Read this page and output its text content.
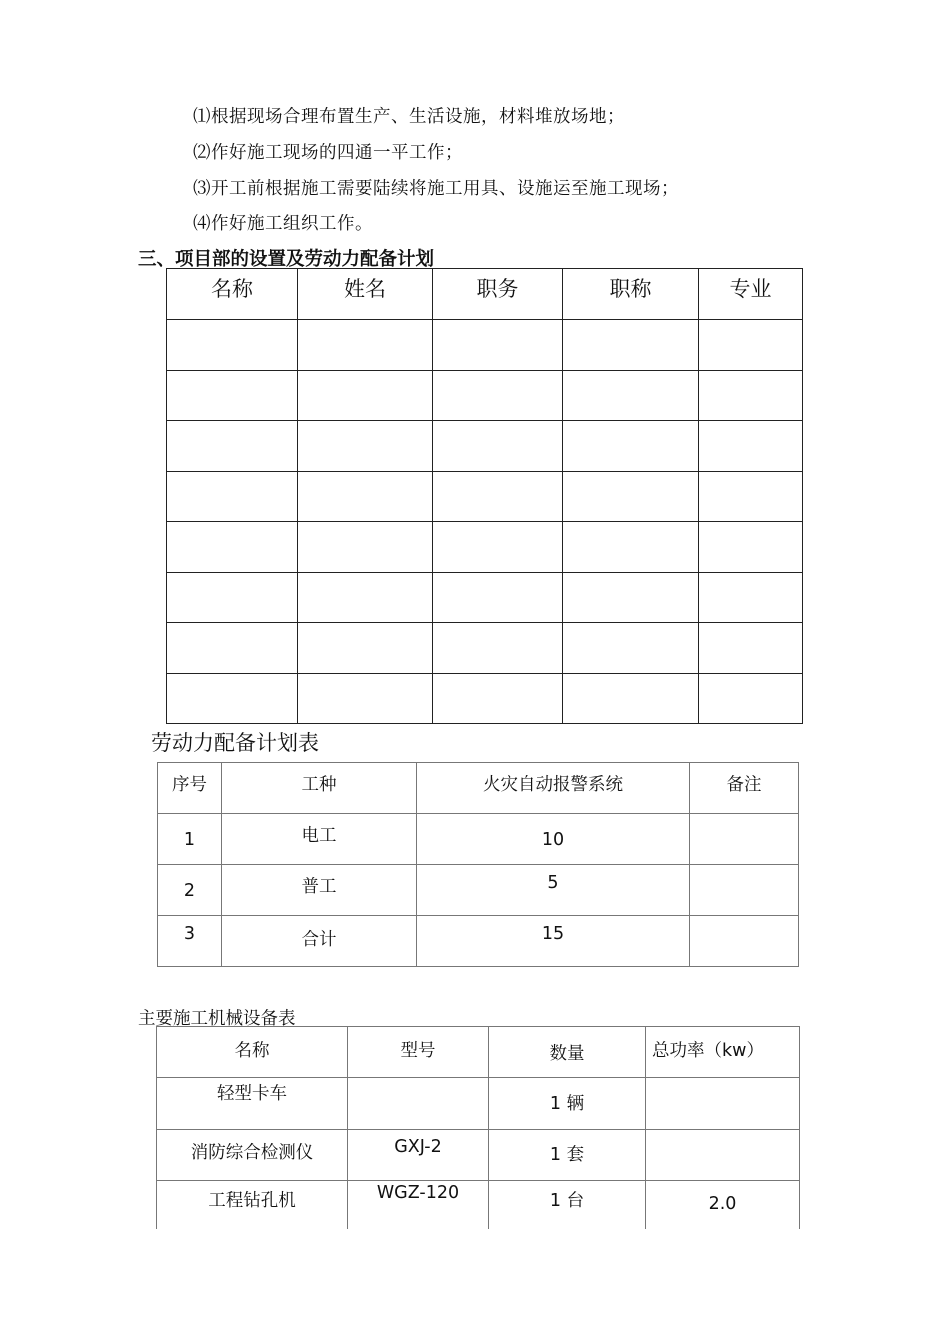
⑴根据现场合理布置生产、生活设施，材料堆放场地；
⑵作好施工现场的四通一平工作；
⑶开工前根据施工需要陆续将施工用具、设施运至施工现场；
⑷作好施工组织工作。
三、项目部的设置及劳动力配备计划
名称	姓名	职务	职称	专业

劳动力配备计划表
序号	工种	火灾自动报警系统	备注

1	电工	10	

2	普工	5	

3	合计	15	

主要施工机械设备表
名称	型号	数量	总功率（kw）

轻型卡车		1 辆	

消防综合检测仪	GXJ-2	1 套	

工程钻孔机	WGZ-120	1 台	2.0
